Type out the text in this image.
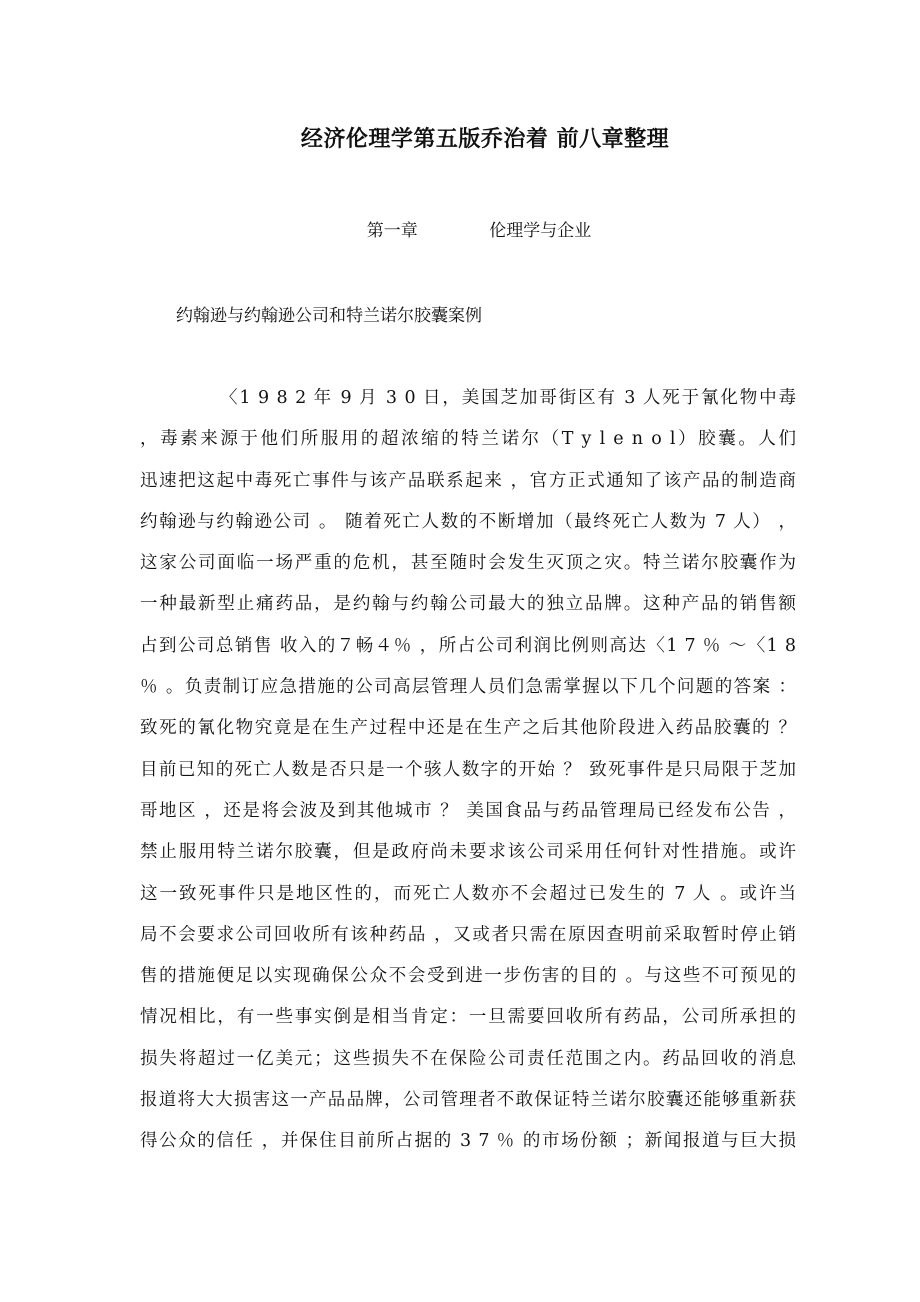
经济伦理学第五版乔治着 前八章整理
第一章	伦理学与企业
约翰逊与约翰逊公司和特兰诺尔胶囊案例
〈1 9 8 2 年 9 月 3 0 日，美国芝加哥街区有 3 人死于氰化物中毒
，毒素来源于他们所服用的超浓缩的特兰诺尔（T y l e n o l）胶囊。人们
迅速把这起中毒死亡事件与该产品联系起来 ，官方正式通知了该产品的制造商
约翰逊与约翰逊公司 。 随着死亡人数的不断增加（最终死亡人数为 7 人） ，
这家公司面临一场严重的危机，甚至随时会发生灭顶之灾。特兰诺尔胶囊作为
一种最新型止痛药品，是约翰与约翰公司最大的独立品牌。这种产品的销售额
占到公司总销售 收入的７畅４％ ，所占公司利润比例则高达〈1 7 ％ ～〈1 8
％ 。负责制订应急措施的公司高层管理人员们急需掌握以下几个问题的答案 ：
致死的氰化物究竟是在生产过程中还是在生产之后其他阶段进入药品胶囊的 ？
目前已知的死亡人数是否只是一个骇人数字的开始 ？ 致死事件是只局限于芝加
哥地区 ，还是将会波及到其他城市 ？ 美国食品与药品管理局已经发布公告 ，
禁止服用特兰诺尔胶囊，但是政府尚未要求该公司采用任何针对性措施。或许
这一致死事件只是地区性的，而死亡人数亦不会超过已发生的 7 人 。或许当
局不会要求公司回收所有该种药品 ，又或者只需在原因查明前采取暂时停止销
售的措施便足以实现确保公众不会受到进一步伤害的目的 。与这些不可预见的
情况相比，有一些事实倒是相当肯定：一旦需要回收所有药品，公司所承担的
损失将超过一亿美元；这些损失不在保险公司责任范围之内。药品回收的消息
报道将大大损害这一产品品牌，公司管理者不敢保证特兰诺尔胶囊还能够重新获
得公众的信任 ，并保住目前所占据的 3 7 ％ 的市场份额 ；新闻报道与巨大损
